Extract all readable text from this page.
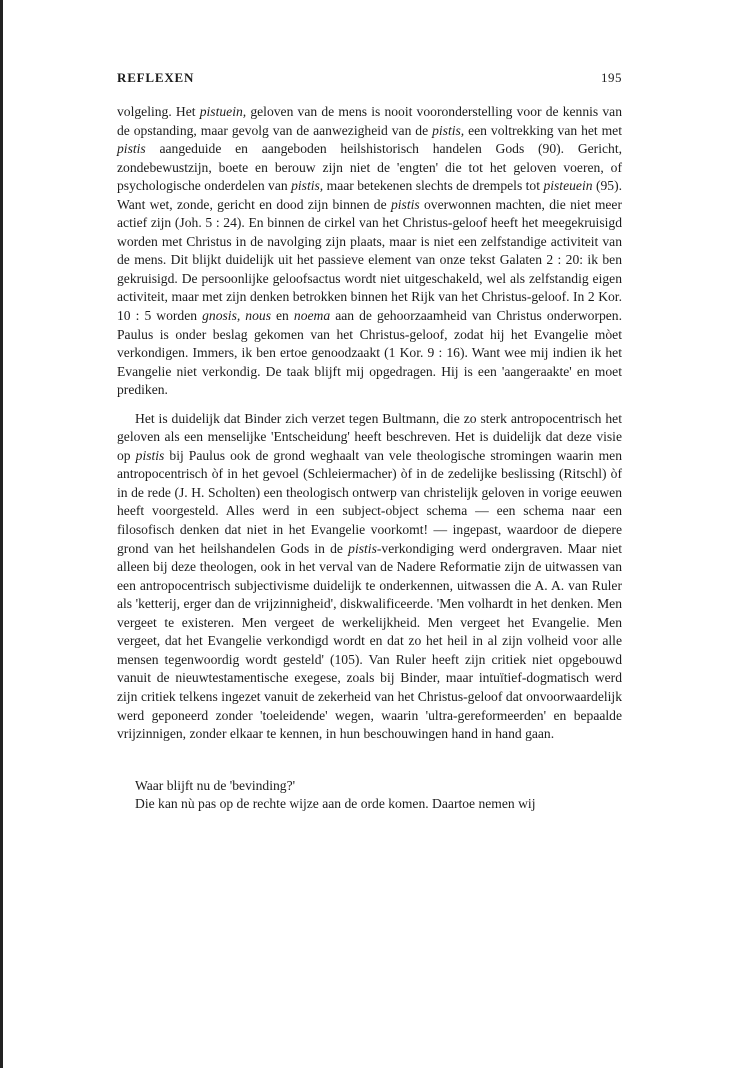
REFLEXEN	195

volgeling. Het pistuein, geloven van de mens is nooit vooronderstelling voor de kennis van de opstanding, maar gevolg van de aanwezigheid van de pistis, een voltrekking van het met pistis aangeduide en aangeboden heilshistorisch handelen Gods (90). Gericht, zondebewustzijn, boete en berouw zijn niet de 'engten' die tot het geloven voeren, of psychologische onderdelen van pistis, maar betekenen slechts de drempels tot pisteuein (95). Want wet, zonde, gericht en dood zijn binnen de pistis overwonnen machten, die niet meer actief zijn (Joh. 5 : 24). En binnen de cirkel van het Christus-geloof heeft het meegekruisigd worden met Christus in de navolging zijn plaats, maar is niet een zelfstandige activiteit van de mens. Dit blijkt duidelijk uit het passieve element van onze tekst Galaten 2 : 20: ik ben gekruisigd. De persoonlijke geloofsactus wordt niet uitgeschakeld, wel als zelfstandig eigen activiteit, maar met zijn denken betrokken binnen het Rijk van het Christus-geloof. In 2 Kor. 10 : 5 worden gnosis, nous en noema aan de gehoorzaamheid van Christus onderworpen. Paulus is onder beslag gekomen van het Christus-geloof, zodat hij het Evangelie mòet verkondigen. Immers, ik ben ertoe genoodzaakt (1 Kor. 9 : 16). Want wee mij indien ik het Evangelie niet verkondig. De taak blijft mij opgedragen. Hij is een 'aangeraakte' en moet prediken.

Het is duidelijk dat Binder zich verzet tegen Bultmann, die zo sterk antropocentrisch het geloven als een menselijke 'Entscheidung' heeft beschreven. Het is duidelijk dat deze visie op pistis bij Paulus ook de grond weghaalt van vele theologische stromingen waarin men antropocentrisch òf in het gevoel (Schleiermacher) òf in de zedelijke beslissing (Ritschl) òf in de rede (J. H. Scholten) een theologisch ontwerp van christelijk geloven in vorige eeuwen heeft voorgesteld. Alles werd in een subject-object schema — een schema naar een filosofisch denken dat niet in het Evangelie voorkomt! — ingepast, waardoor de diepere grond van het heilshandelen Gods in de pistis-verkondiging werd ondergraven. Maar niet alleen bij deze theologen, ook in het verval van de Nadere Reformatie zijn de uitwassen van een antropocentrisch subjectivisme duidelijk te onderkennen, uitwassen die A. A. van Ruler als 'ketterij, erger dan de vrijzinnigheid', diskwalificeerde. 'Men volhardt in het denken. Men vergeet te existeren. Men vergeet de werkelijkheid. Men vergeet het Evangelie. Men vergeet, dat het Evangelie verkondigd wordt en dat zo het heil in al zijn volheid voor alle mensen tegenwoordig wordt gesteld' (105). Van Ruler heeft zijn critiek niet opgebouwd vanuit de nieuwtestamentische exegese, zoals bij Binder, maar intuïtief-dogmatisch werd zijn critiek telkens ingezet vanuit de zekerheid van het Christus-geloof dat onvoorwaardelijk werd geponeerd zonder 'toeleidende' wegen, waarin 'ultra-gereformeerden' en bepaalde vrijzinnigen, zonder elkaar te kennen, in hun beschouwingen hand in hand gaan.

Waar blijft nu de 'bevinding?'

Die kan nù pas op de rechte wijze aan de orde komen. Daartoe nemen wij
